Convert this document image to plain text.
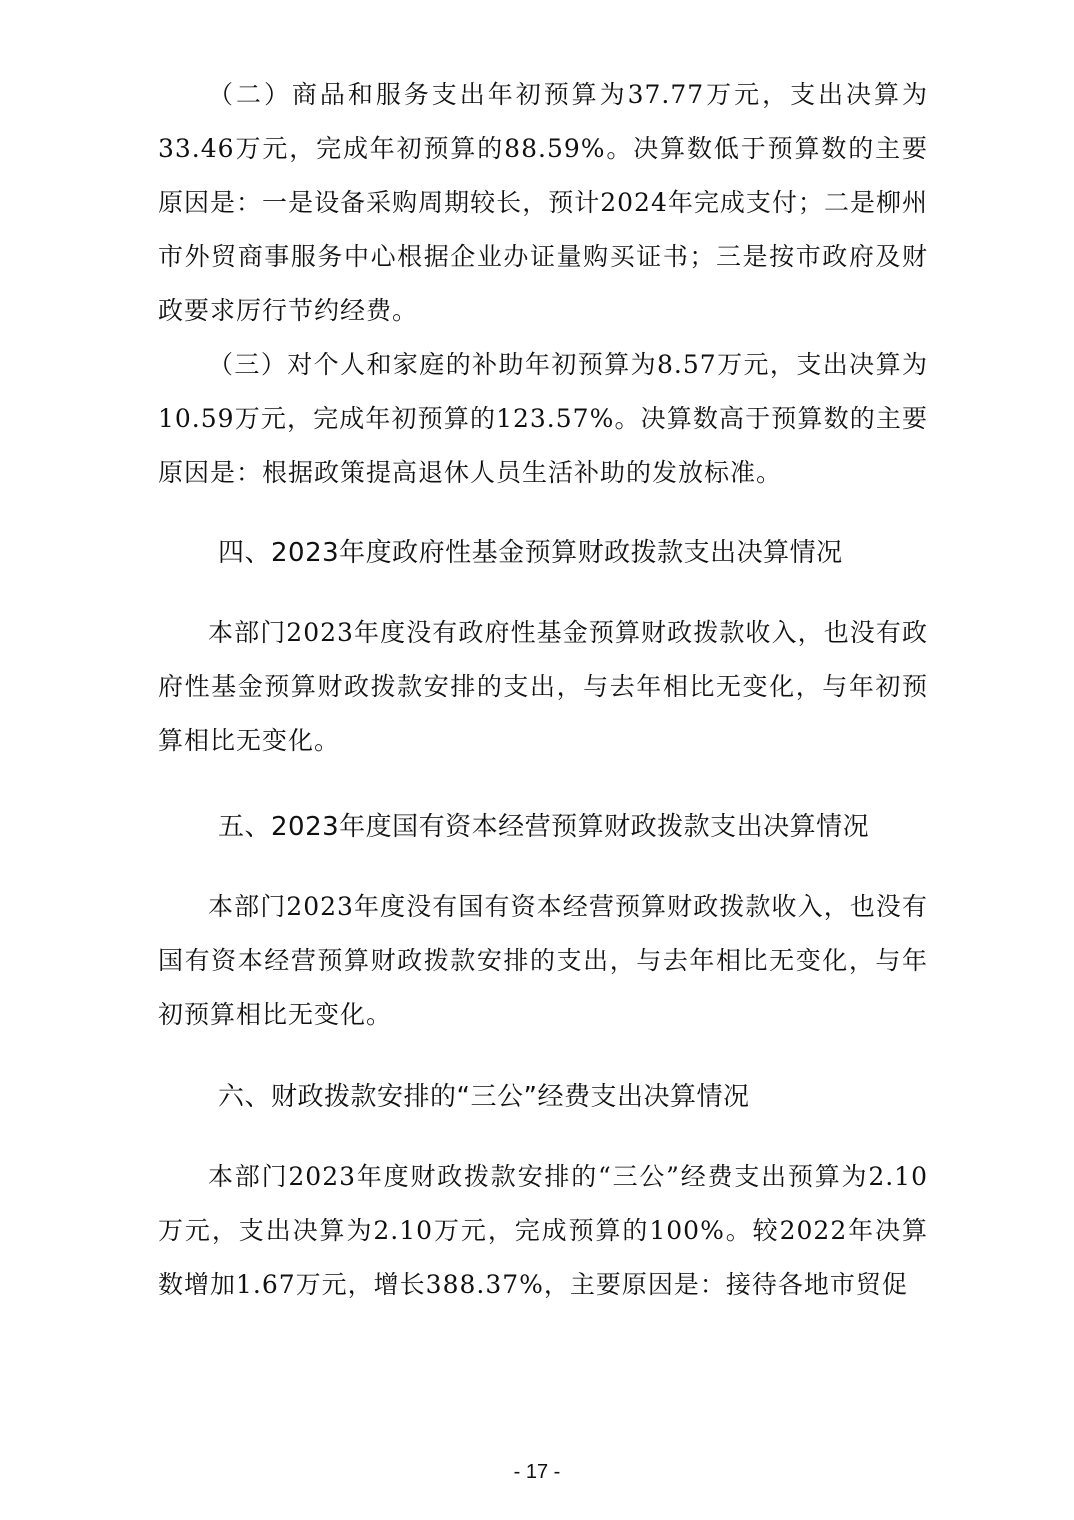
（二）商品和服务支出年初预算为37.77万元，支出决算为33.46万元，完成年初预算的88.59%。决算数低于预算数的主要原因是：一是设备采购周期较长，预计2024年完成支付；二是柳州市外贸商事服务中心根据企业办证量购买证书；三是按市政府及财政要求厉行节约经费。

（三）对个人和家庭的补助年初预算为8.57万元，支出决算为10.59万元，完成年初预算的123.57%。决算数高于预算数的主要原因是：根据政策提高退休人员生活补助的发放标准。

四、2023年度政府性基金预算财政拨款支出决算情况

本部门2023年度没有政府性基金预算财政拨款收入，也没有政府性基金预算财政拨款安排的支出，与去年相比无变化，与年初预算相比无变化。

五、2023年度国有资本经营预算财政拨款支出决算情况

本部门2023年度没有国有资本经营预算财政拨款收入，也没有国有资本经营预算财政拨款安排的支出，与去年相比无变化，与年初预算相比无变化。

六、财政拨款安排的“三公”经费支出决算情况

本部门2023年度财政拨款安排的“三公”经费支出预算为2.10万元，支出决算为2.10万元，完成预算的100%。较2022年决算数增加1.67万元，增长388.37%，主要原因是：接待各地市贸促

- 17 -
